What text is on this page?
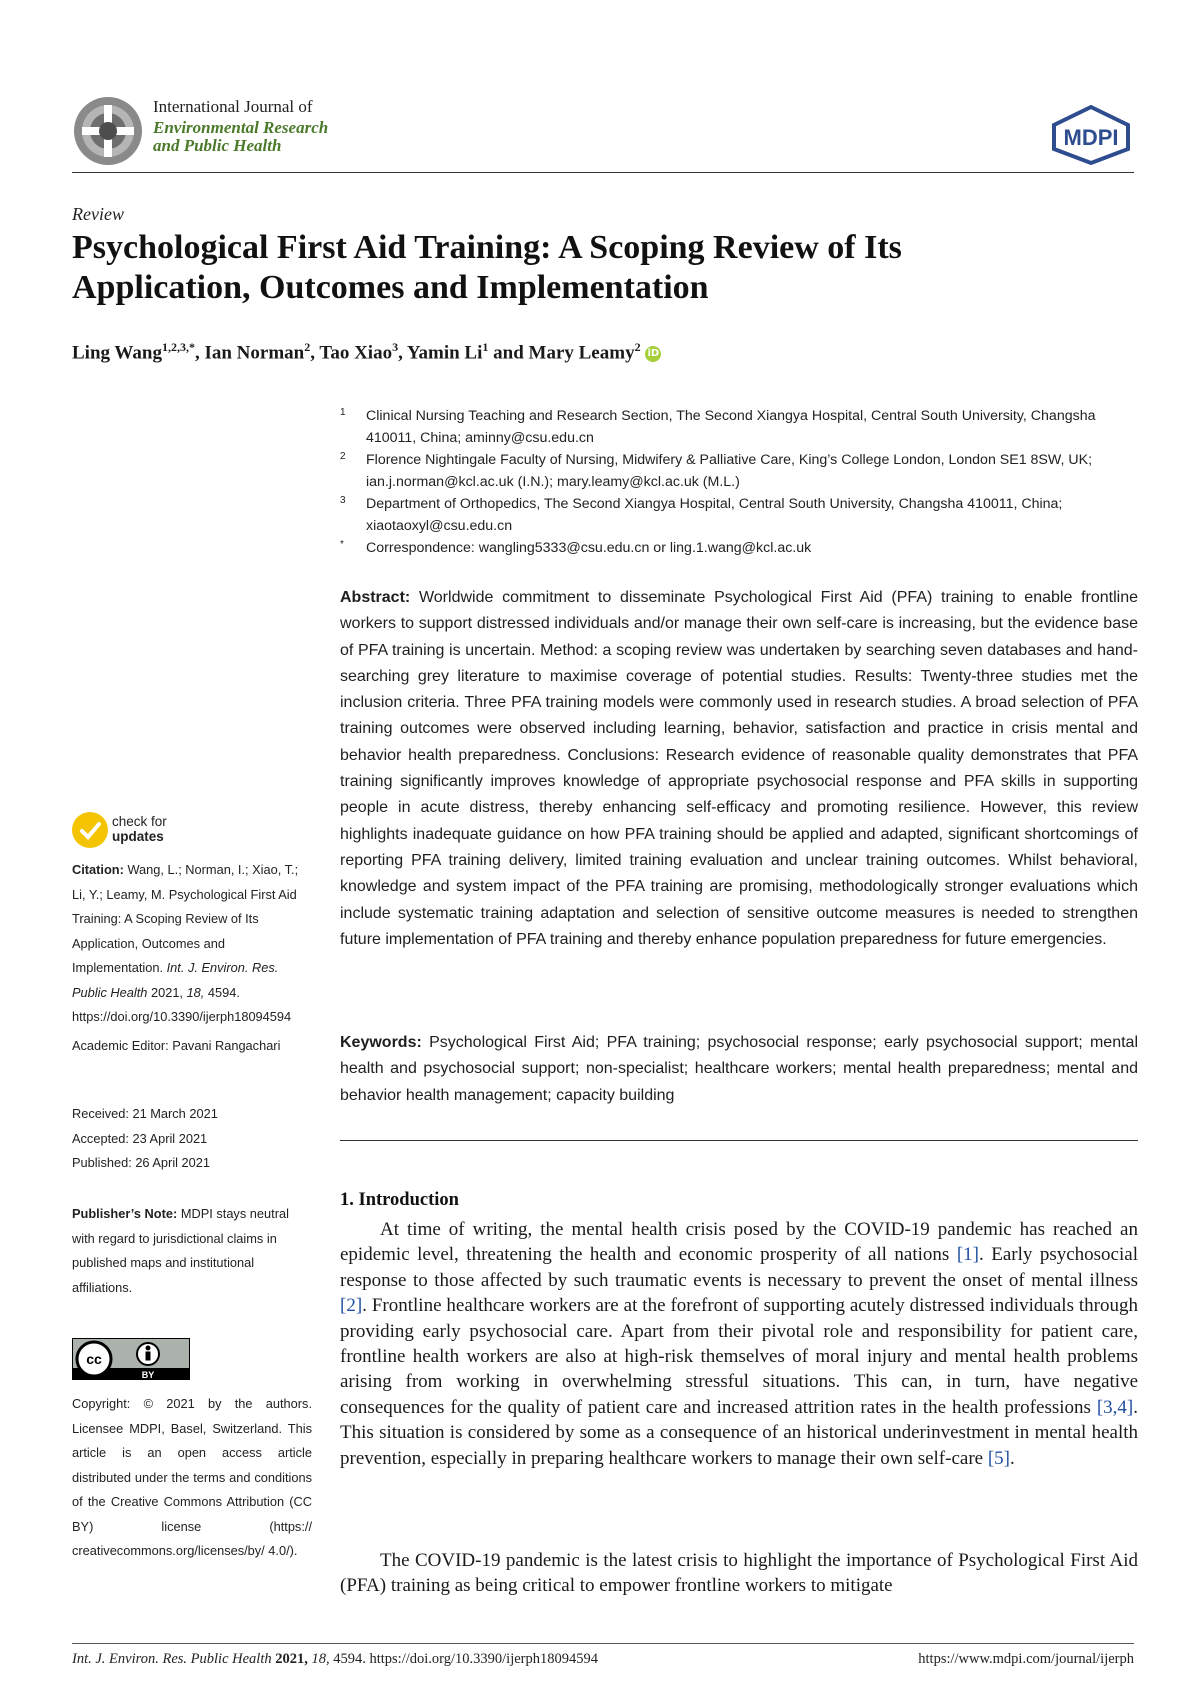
International Journal of
Environmental Research
and Public Health	MDPI
Review
Psychological First Aid Training: A Scoping Review of Its Application, Outcomes and Implementation
Ling Wang$^{1,2,3,*}$, Ian Norman$^2$, Tao Xiao$^3$, Yamin Li$^1$ and Mary Leamy$^2$ iD
1 Clinical Nursing Teaching and Research Section, The Second Xiangya Hospital, Central South University, Changsha 410011, China; aminny@csu.edu.cn
2 Florence Nightingale Faculty of Nursing, Midwifery & Palliative Care, King’s College London, London SE1 8SW, UK; ian.j.norman@kcl.ac.uk (I.N.); mary.leamy@kcl.ac.uk (M.L.)
3 Department of Orthopedics, The Second Xiangya Hospital, Central South University, Changsha 410011, China; xiaotaoxyl@csu.edu.cn
* Correspondence: wangling5333@csu.edu.cn or ling.1.wang@kcl.ac.uk
Abstract: Worldwide commitment to disseminate Psychological First Aid (PFA) training to enable frontline workers to support distressed individuals and/or manage their own self-care is increasing, but the evidence base of PFA training is uncertain. Method: a scoping review was undertaken by searching seven databases and hand-searching grey literature to maximise coverage of potential studies. Results: Twenty-three studies met the inclusion criteria. Three PFA training models were commonly used in research studies. A broad selection of PFA training outcomes were observed including learning, behavior, satisfaction and practice in crisis mental and behavior health preparedness. Conclusions: Research evidence of reasonable quality demonstrates that PFA training significantly improves knowledge of appropriate psychosocial response and PFA skills in supporting people in acute distress, thereby enhancing self-efficacy and promoting resilience. However, this review highlights inadequate guidance on how PFA training should be applied and adapted, significant shortcomings of reporting PFA training delivery, limited training evaluation and unclear training outcomes. Whilst behavioral, knowledge and system impact of the PFA training are promising, methodologically stronger evaluations which include systematic training adaptation and selection of sensitive outcome measures is needed to strengthen future implementation of PFA training and thereby enhance population preparedness for future emergencies.
Keywords: Psychological First Aid; PFA training; psychosocial response; early psychosocial support; mental health and psychosocial support; non-specialist; healthcare workers; mental health preparedness; mental and behavior health management; capacity building
check for
updates
Citation: Wang, L.; Norman, I.; Xiao, T.; Li, Y.; Leamy, M. Psychological First Aid Training: A Scoping Review of Its Application, Outcomes and Implementation. Int. J. Environ. Res. Public Health 2021, 18, 4594. https://doi.org/10.3390/ijerph18094594
Academic Editor: Pavani Rangachari
Received: 21 March 2021
Accepted: 23 April 2021
Published: 26 April 2021
Publisher’s Note: MDPI stays neutral with regard to jurisdictional claims in published maps and institutional affiliations.
cc
BY
Copyright: © 2021 by the authors. Licensee MDPI, Basel, Switzerland. This article is an open access article distributed under the terms and conditions of the Creative Commons Attribution (CC BY) license (https:// creativecommons.org/licenses/by/ 4.0/).
1. Introduction
At time of writing, the mental health crisis posed by the COVID-19 pandemic has reached an epidemic level, threatening the health and economic prosperity of all nations [1]. Early psychosocial response to those affected by such traumatic events is necessary to prevent the onset of mental illness [2]. Frontline healthcare workers are at the forefront of supporting acutely distressed individuals through providing early psychosocial care. Apart from their pivotal role and responsibility for patient care, frontline health workers are also at high-risk themselves of moral injury and mental health problems arising from working in overwhelming stressful situations. This can, in turn, have negative consequences for the quality of patient care and increased attrition rates in the health professions [3,4]. This situation is considered by some as a consequence of an historical underinvestment in mental health prevention, especially in preparing healthcare workers to manage their own self-care [5].
The COVID-19 pandemic is the latest crisis to highlight the importance of Psychological First Aid (PFA) training as being critical to empower frontline workers to mitigate
Int. J. Environ. Res. Public Health 2021, 18, 4594. https://doi.org/10.3390/ijerph18094594	https://www.mdpi.com/journal/ijerph
